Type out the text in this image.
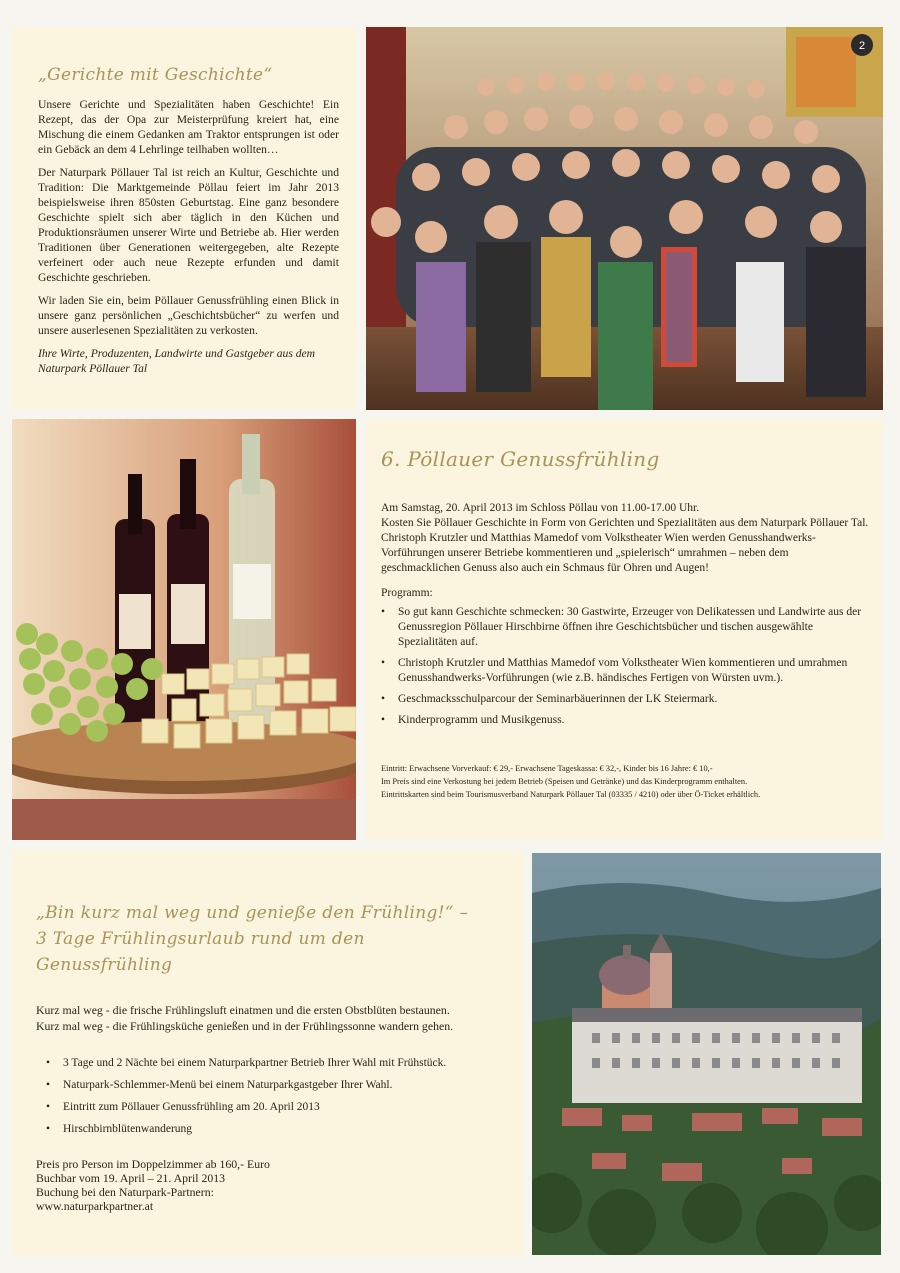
„Gerichte mit Geschichte“

Unsere Gerichte und Spezialitäten haben Geschichte! Ein Rezept, das der Opa zur Meisterprüfung kreiert hat, eine Mischung die einem Gedanken am Traktor entsprungen ist oder ein Gebäck an dem 4 Lehrlinge teilhaben wollten…

Der Naturpark Pöllauer Tal ist reich an Kultur, Geschichte und Tradition: Die Marktgemeinde Pöllau feiert im Jahr 2013 beispielsweise ihren 850sten Geburtstag. Eine ganz besondere Geschichte spielt sich aber täglich in den Küchen und Produktionsräumen unserer Wirte und Betriebe ab. Hier werden Traditionen über Generationen weitergegeben, alte Rezepte verfeinert oder auch neue Rezepte erfunden und damit Geschichte geschrieben.

Wir laden Sie ein, beim Pöllauer Genussfrühling einen Blick in unsere ganz persönlichen „Geschichtsbücher“ zu werfen und unsere auserlesenen Spezialitäten zu verkosten.

Ihre Wirte, Produzenten, Landwirte und Gastgeber aus dem Naturpark Pöllauer Tal

2
6. Pöllauer Genussfrühling

Am Samstag, 20. April 2013 im Schloss Pöllau von 11.00-17.00 Uhr.

Kosten Sie Pöllauer Geschichte in Form von Gerichten und Spezialitäten aus dem Naturpark Pöllauer Tal. Christoph Krutzler und Matthias Mamedof vom Volkstheater Wien werden Genusshandwerks-Vorführungen unserer Betriebe kommentieren und „spielerisch“ umrahmen – neben dem geschmacklichen Genuss also auch ein Schmaus für Ohren und Augen!

Programm:

• So gut kann Geschichte schmecken: 30 Gastwirte, Erzeuger von Delikatessen und Landwirte aus der Genussregion Pöllauer Hirschbirne öffnen ihre Geschichtsbücher und tischen ausgewählte Spezialitäten auf.
• Christoph Krutzler und Matthias Mamedof vom Volkstheater Wien kommentieren und umrahmen Genusshandwerks-Vorführungen (wie z.B. händisches Fertigen von Würsten uvm.).
• Geschmacksschulparcour der Seminarbäuerinnen der LK Steiermark.
• Kinderprogramm und Musikgenuss.

Eintritt: Erwachsene Vorverkauf: € 29,- Erwachsene Tageskassa: € 32,-, Kinder bis 16 Jahre: € 10,-

Im Preis sind eine Verkostung bei jedem Betrieb (Speisen und Getränke) und das Kinderprogramm enthalten.

Eintrittskarten sind beim Tourismusverband Naturpark Pöllauer Tal (03335 / 4210) oder über Ö-Ticket erhältlich.

„Bin kurz mal weg und genieße den Frühling!“ –
3 Tage Frühlingsurlaub rund um den Genussfrühling

Kurz mal weg - die frische Frühlingsluft einatmen und die ersten Obstblüten bestaunen.

Kurz mal weg - die Frühlingsküche genießen und in der Frühlingssonne wandern gehen.

• 3 Tage und 2 Nächte bei einem Naturparkpartner Betrieb Ihrer Wahl mit Frühstück.
• Naturpark-Schlemmer-Menü bei einem Naturparkgastgeber Ihrer Wahl.
• Eintritt zum Pöllauer Genussfrühling am 20. April 2013
• Hirschbirnblütenwanderung

Preis pro Person im Doppelzimmer ab 160,- Euro

Buchbar vom 19. April – 21. April 2013

Buchung bei den Naturpark-Partnern:

www.naturparkpartner.at
